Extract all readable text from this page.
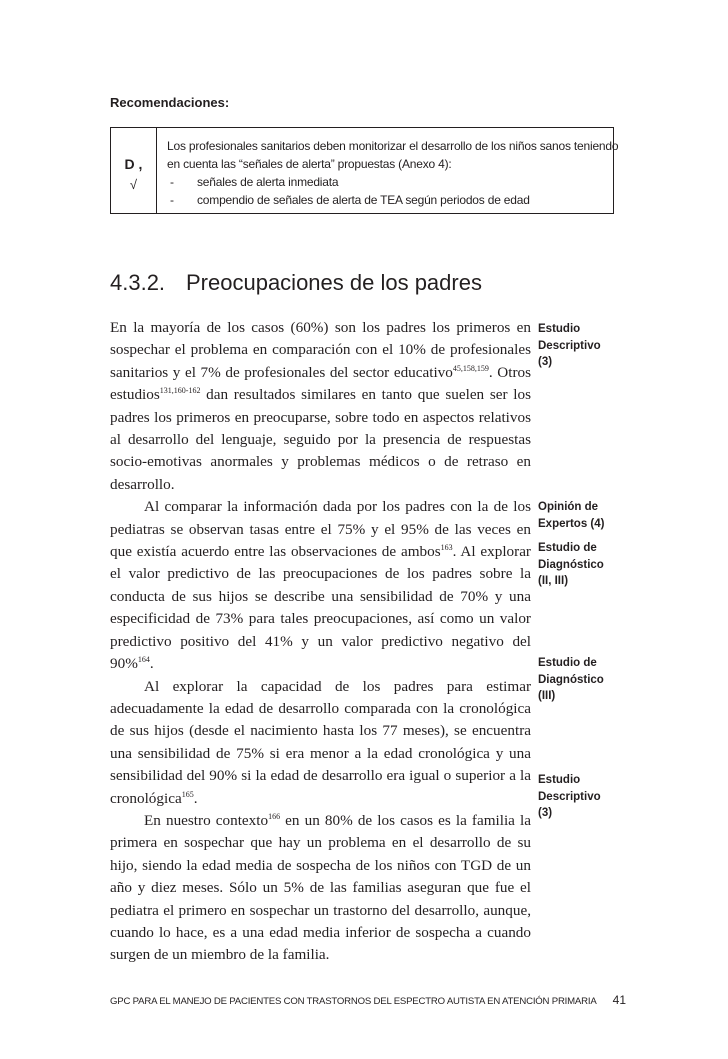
Recomendaciones:
D ,
√
Los profesionales sanitarios deben monitorizar el desarrollo de los niños sanos teniendo
en cuenta las “señales de alerta” propuestas (Anexo 4):
-	señales de alerta inmediata
-	compendio de señales de alerta de TEA según periodos de edad
4.3.2. Preocupaciones de los padres

En la mayoría de los casos (60%) son los padres los primeros en sospechar el problema en comparación con el 10% de profesionales sanitarios y el 7% de profesionales del sector educativo$^{45,158,159}$. Otros estudios$^{131,160-162}$ dan resultados similares en tanto que suelen ser los padres los primeros en preocuparse, sobre todo en aspectos relativos al desarrollo del lenguaje, seguido por la presencia de respuestas socio-emotivas anormales y problemas médicos o de retraso en desarrollo.

Al comparar la información dada por los padres con la de los pediatras se observan tasas entre el 75% y el 95% de las veces en que existía acuerdo entre las observaciones de ambos$^{163}$. Al explorar el valor predictivo de las preocupaciones de los padres sobre la conducta de sus hijos se describe una sensibilidad de 70% y una especificidad de 73% para tales preocupaciones, así como un valor predictivo positivo del 41% y un valor predictivo negativo del 90%$^{164}$.

Al explorar la capacidad de los padres para estimar adecuadamente la edad de desarrollo comparada con la cronológica de sus hijos (desde el nacimiento hasta los 77 meses), se encuentra una sensibilidad de 75% si era menor a la edad cronológica y una sensibilidad del 90% si la edad de desarrollo era igual o superior a la cronológica$^{165}$.

En nuestro contexto$^{166}$ en un 80% de los casos es la familia la primera en sospechar que hay un problema en el desarrollo de su hijo, siendo la edad media de sospecha de los niños con TGD de un año y diez meses. Sólo un 5% de las familias aseguran que fue el pediatra el primero en sospechar un trastorno del desarrollo, aunque, cuando lo hace, es a una edad media inferior de sospecha a cuando surgen de un miembro de la familia.

Estudio
Descriptivo
(3)
Opinión de
Expertos (4)
Estudio de
Diagnóstico
(II, III)
Estudio de
Diagnóstico
(III)
Estudio
Descriptivo
(3)
GPC PARA EL MANEJO DE PACIENTES CON TRASTORNOS DEL ESPECTRO AUTISTA EN ATENCIÓN PRIMARIA	41
